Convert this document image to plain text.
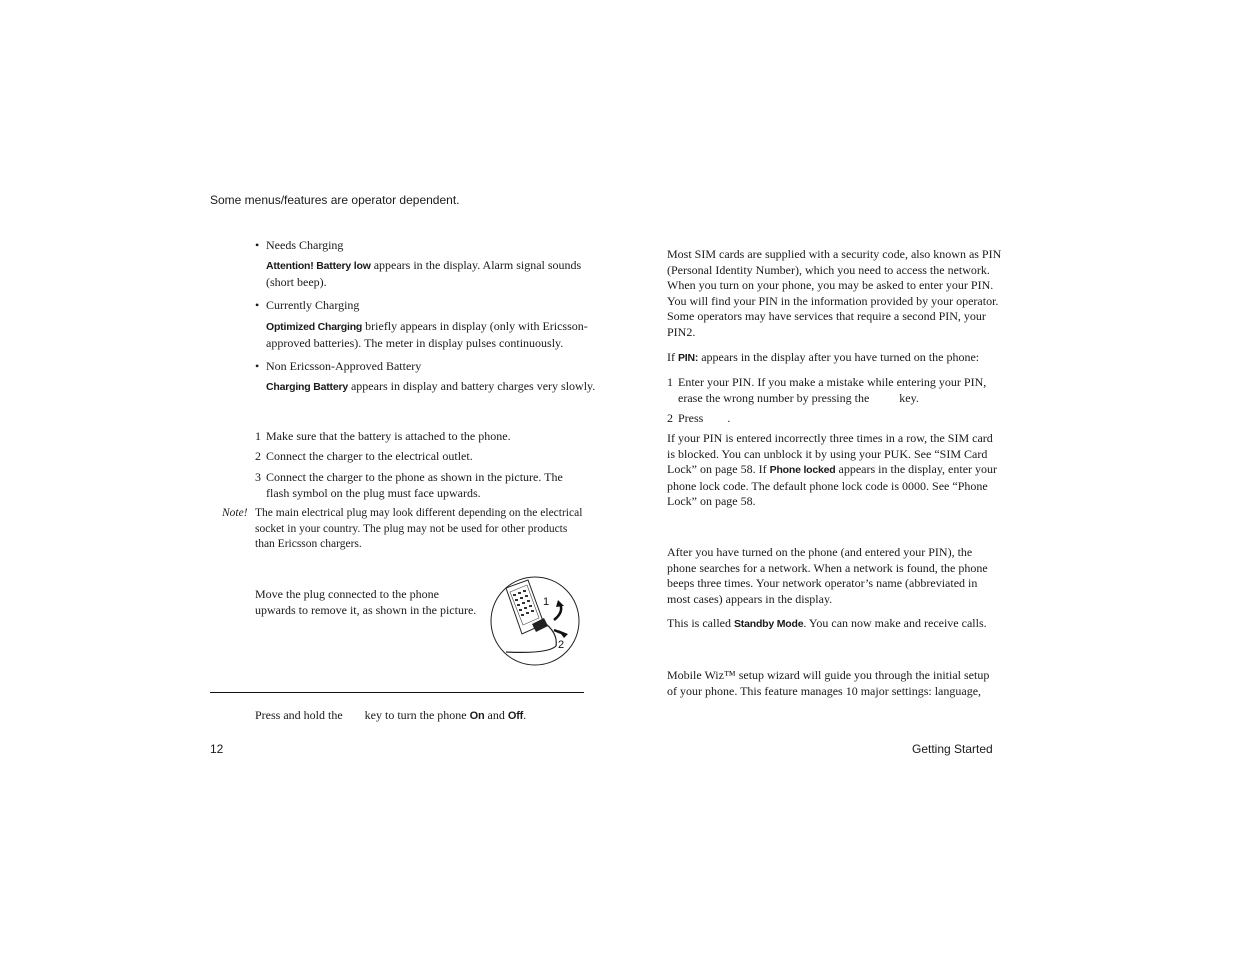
Some menus/features are operator dependent.
• Needs Charging
Attention! Battery low appears in the display. Alarm signal sounds
(short beep).
• Currently Charging
Optimized Charging briefly appears in display (only with Ericsson-
approved batteries). The meter in display pulses continuously.
• Non Ericsson-Approved Battery
Charging Battery appears in display and battery charges very slowly.
1 Make sure that the battery is attached to the phone.
2 Connect the charger to the electrical outlet.
3 Connect the charger to the phone as shown in the picture. The
flash symbol on the plug must face upwards.
Note! The main electrical plug may look different depending on the electrical
socket in your country. The plug may not be used for other products
than Ericsson chargers.
Move the plug connected to the phone
upwards to remove it, as shown in the picture.
1
2
Press and hold the key to turn the phone On and Off.
Most SIM cards are supplied with a security code, also known as PIN
(Personal Identity Number), which you need to access the network.
When you turn on your phone, you may be asked to enter your PIN.
You will find your PIN in the information provided by your operator.
Some operators may have services that require a second PIN, your
PIN2.
If PIN: appears in the display after you have turned on the phone:
1 Enter your PIN. If you make a mistake while entering your PIN,
erase the wrong number by pressing the	key.
2 Press .
If your PIN is entered incorrectly three times in a row, the SIM card
is blocked. You can unblock it by using your PUK. See “SIM Card
Lock” on page 58. If Phone locked appears in the display, enter your
phone lock code. The default phone lock code is 0000. See “Phone
Lock” on page 58.
After you have turned on the phone (and entered your PIN), the
phone searches for a network. When a network is found, the phone
beeps three times. Your network operator’s name (abbreviated in
most cases) appears in the display.
This is called Standby Mode. You can now make and receive calls.
Mobile Wiz™ setup wizard will guide you through the initial setup
of your phone. This feature manages 10 major settings: language,
12	Getting Started
